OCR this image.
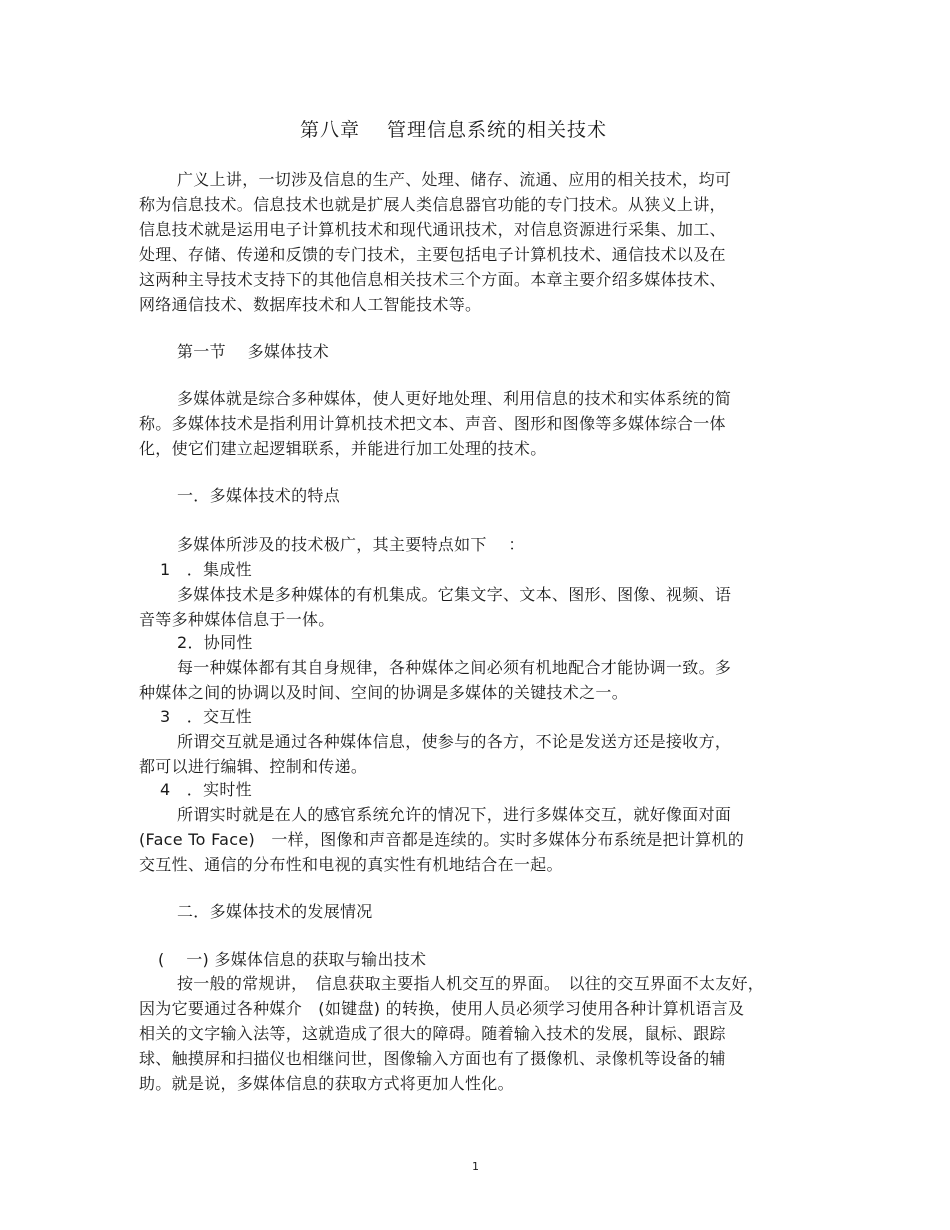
第八章　 管理信息系统的相关技术
广义上讲，一切涉及信息的生产、处理、储存、流通、应用的相关技术，均可
称为信息技术。信息技术也就是扩展人类信息器官功能的专门技术。从狭义上讲，
信息技术就是运用电子计算机技术和现代通讯技术，对信息资源进行采集、加工、
处理、存储、传递和反馈的专门技术，主要包括电子计算机技术、通信技术以及在
这两种主导技术支持下的其他信息相关技术三个方面。本章主要介绍多媒体技术、
网络通信技术、数据库技术和人工智能技术等。
第一节　 多媒体技术
多媒体就是综合多种媒体，使人更好地处理、利用信息的技术和实体系统的简
称。多媒体技术是指利用计算机技术把文本、声音、图形和图像等多媒体综合一体
化，使它们建立起逻辑联系，并能进行加工处理的技术。
一．多媒体技术的特点
多媒体所涉及的技术极广，其主要特点如下　 ：
1　．集成性
多媒体技术是多种媒体的有机集成。它集文字、文本、图形、图像、视频、语
音等多种媒体信息于一体。
2．协同性
每一种媒体都有其自身规律，各种媒体之间必须有机地配合才能协调一致。多
种媒体之间的协调以及时间、空间的协调是多媒体的关键技术之一。
3　．交互性
所谓交互就是通过各种媒体信息，使参与的各方，不论是发送方还是接收方，
都可以进行编辑、控制和传递。
4　．实时性
所谓实时就是在人的感官系统允许的情况下，进行多媒体交互，就好像面对面
(Face To Face)　一样，图像和声音都是连续的。实时多媒体分布系统是把计算机的
交互性、通信的分布性和电视的真实性有机地结合在一起。
二．多媒体技术的发展情况
(　 一) 多媒体信息的获取与输出技术
按一般的常规讲，　信息获取主要指人机交互的界面。　以往的交互界面不太友好，
因为它要通过各种媒介　(如键盘) 的转换，使用人员必须学习使用各种计算机语言及
相关的文字输入法等，这就造成了很大的障碍。随着输入技术的发展，鼠标、跟踪
球、触摸屏和扫描仪也相继问世，图像输入方面也有了摄像机、录像机等设备的辅
助。就是说，多媒体信息的获取方式将更加人性化。
1
